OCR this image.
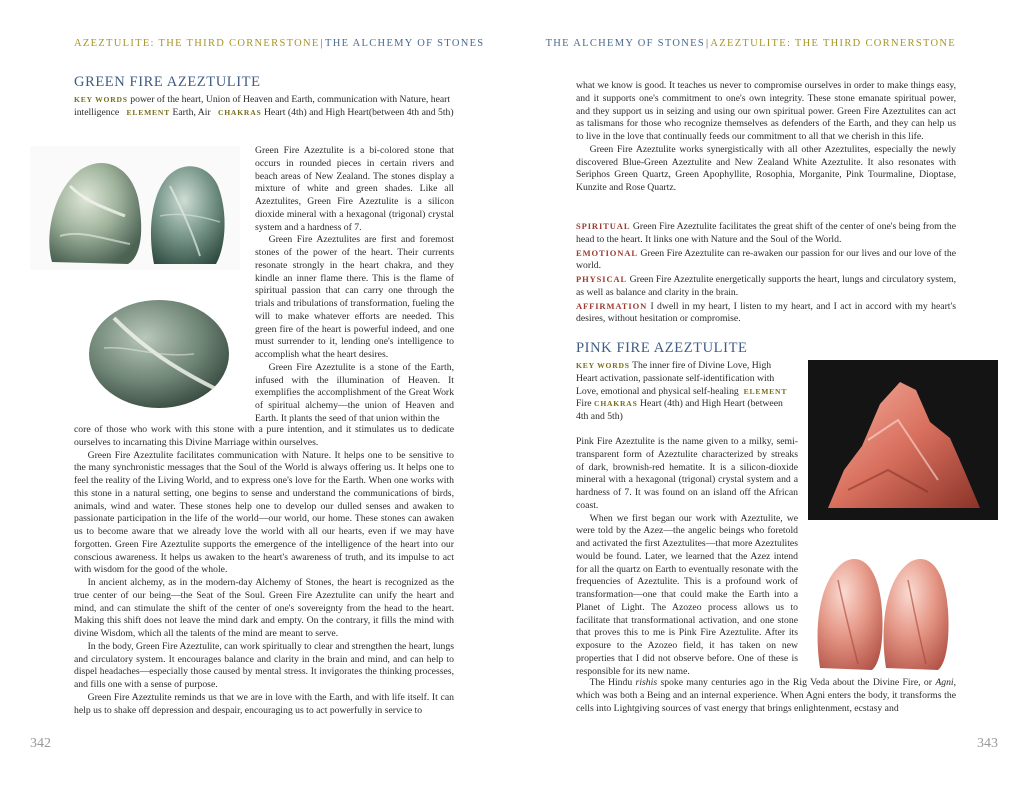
AZEZTULITE: THE THIRD CORNERSTONE|THE ALCHEMY OF STONES	THE ALCHEMY OF STONES|AZEZTULITE: THE THIRD CORNERSTONE
342	343
GREEN FIRE AZEZTULITE
KEY WORDS power of the heart, Union of Heaven and Earth, communication with Nature, heart intelligence ELEMENT Earth, Air CHAKRAS Heart (4th) and High Heart(between 4th and 5th)

Green Fire Azeztulite is a bi-colored stone that occurs in rounded pieces in certain rivers and beach areas of New Zealand. The stones display a mixture of white and green shades. Like all Azeztulites, Green Fire Azeztulite is a silicon dioxide mineral with a hexagonal (trigonal) crystal system and a hardness of 7.

Green Fire Azeztulites are first and foremost stones of the power of the heart. Their currents resonate strongly in the heart chakra, and they kindle an inner flame there. This is the flame of spiritual passion that can carry one through the trials and tribulations of transformation, fueling the will to make whatever efforts are needed. This green fire of the heart is powerful indeed, and one must surrender to it, lending one's intelligence to accomplish what the heart desires.

Green Fire Azeztulite is a stone of the Earth, infused with the illumination of Heaven. It exemplifies the accomplishment of the Great Work of spiritual alchemy—the union of Heaven and Earth. It plants the seed of that union within the

core of those who work with this stone with a pure intention, and it stimulates us to dedicate ourselves to incarnating this Divine Marriage within ourselves.

Green Fire Azeztulite facilitates communication with Nature. It helps one to be sensitive to the many synchronistic messages that the Soul of the World is always offering us. It helps one to feel the reality of the Living World, and to express one's love for the Earth. When one works with this stone in a natural setting, one begins to sense and understand the communications of birds, animals, wind and water. These stones help one to develop our dulled senses and awaken to passionate participation in the life of the world—our world, our home. These stones can awaken us to become aware that we already love the world with all our hearts, even if we may have forgotten. Green Fire Azeztulite supports the emergence of the intelligence of the heart into our conscious awareness. It helps us awaken to the heart's awareness of truth, and its impulse to act with wisdom for the good of the whole.

In ancient alchemy, as in the modern-day Alchemy of Stones, the heart is recognized as the true center of our being—the Seat of the Soul. Green Fire Azeztulite can unify the heart and mind, and can stimulate the shift of the center of one's sovereignty from the head to the heart. Making this shift does not leave the mind dark and empty. On the contrary, it fills the mind with divine Wisdom, which all the talents of the mind are meant to serve.

In the body, Green Fire Azeztulite, can work spiritually to clear and strengthen the heart, lungs and circulatory system. It encourages balance and clarity in the brain and mind, and can help to dispel headaches—especially those caused by mental stress. It invigorates the thinking processes, and fills one with a sense of purpose.

Green Fire Azeztulite reminds us that we are in love with the Earth, and with life itself. It can help us to shake off depression and despair, encouraging us to act powerfully in service to

what we know is good. It teaches us never to compromise ourselves in order to make things easy, and it supports one's commitment to one's own integrity. These stone emanate spiritual power, and they support us in seizing and using our own spiritual power. Green Fire Azeztulites can act as talismans for those who recognize themselves as defenders of the Earth, and they can help us to live in the love that continually feeds our commitment to all that we cherish in this life.

Green Fire Azeztulite works synergistically with all other Azeztulites, especially the newly discovered Blue-Green Azeztulite and New Zealand White Azeztulite. It also resonates with Seriphos Green Quartz, Green Apophyllite, Rosophia, Morganite, Pink Tourmaline, Dioptase, Kunzite and Rose Quartz.

SPIRITUAL Green Fire Azeztulite facilitates the great shift of the center of one's being from the head to the heart. It links one with Nature and the Soul of the World.
EMOTIONAL Green Fire Azeztulite can re-awaken our passion for our lives and our love of the world.
PHYSICAL Green Fire Azeztulite energetically supports the heart, lungs and circulatory system, as well as balance and clarity in the brain.
AFFIRMATION I dwell in my heart, I listen to my heart, and I act in accord with my heart's desires, without hesitation or compromise.
PINK FIRE AZEZTULITE
KEY WORDS The inner fire of Divine Love, High Heart activation, passionate self-identification with Love, emotional and physical self-healing ELEMENT Fire CHAKRAS Heart (4th) and High Heart (between 4th and 5th)

Pink Fire Azeztulite is the name given to a milky, semi-transparent form of Azeztulite characterized by streaks of dark, brownish-red hematite. It is a silicon-dioxide mineral with a hexagonal (trigonal) crystal system and a hardness of 7. It was found on an island off the African coast.

When we first began our work with Azeztulite, we were told by the Azez—the angelic beings who foretold and activated the first Azeztulites—that more Azeztulites would be found. Later, we learned that the Azez intend for all the quartz on Earth to eventually resonate with the frequencies of Azeztulite. This is a profound work of transformation—one that could make the Earth into a Planet of Light. The Azozeo process allows us to facilitate that transformational activation, and one stone that proves this to me is Pink Fire Azeztulite. After its exposure to the Azozeo field, it has taken on new properties that I did not observe before. One of these is responsible for its new name.

The Hindu rishis spoke many centuries ago in the Rig Veda about the Divine Fire, or Agni, which was both a Being and an internal experience. When Agni enters the body, it transforms the cells into Lightgiving sources of vast energy that brings enlightenment, ecstasy and
